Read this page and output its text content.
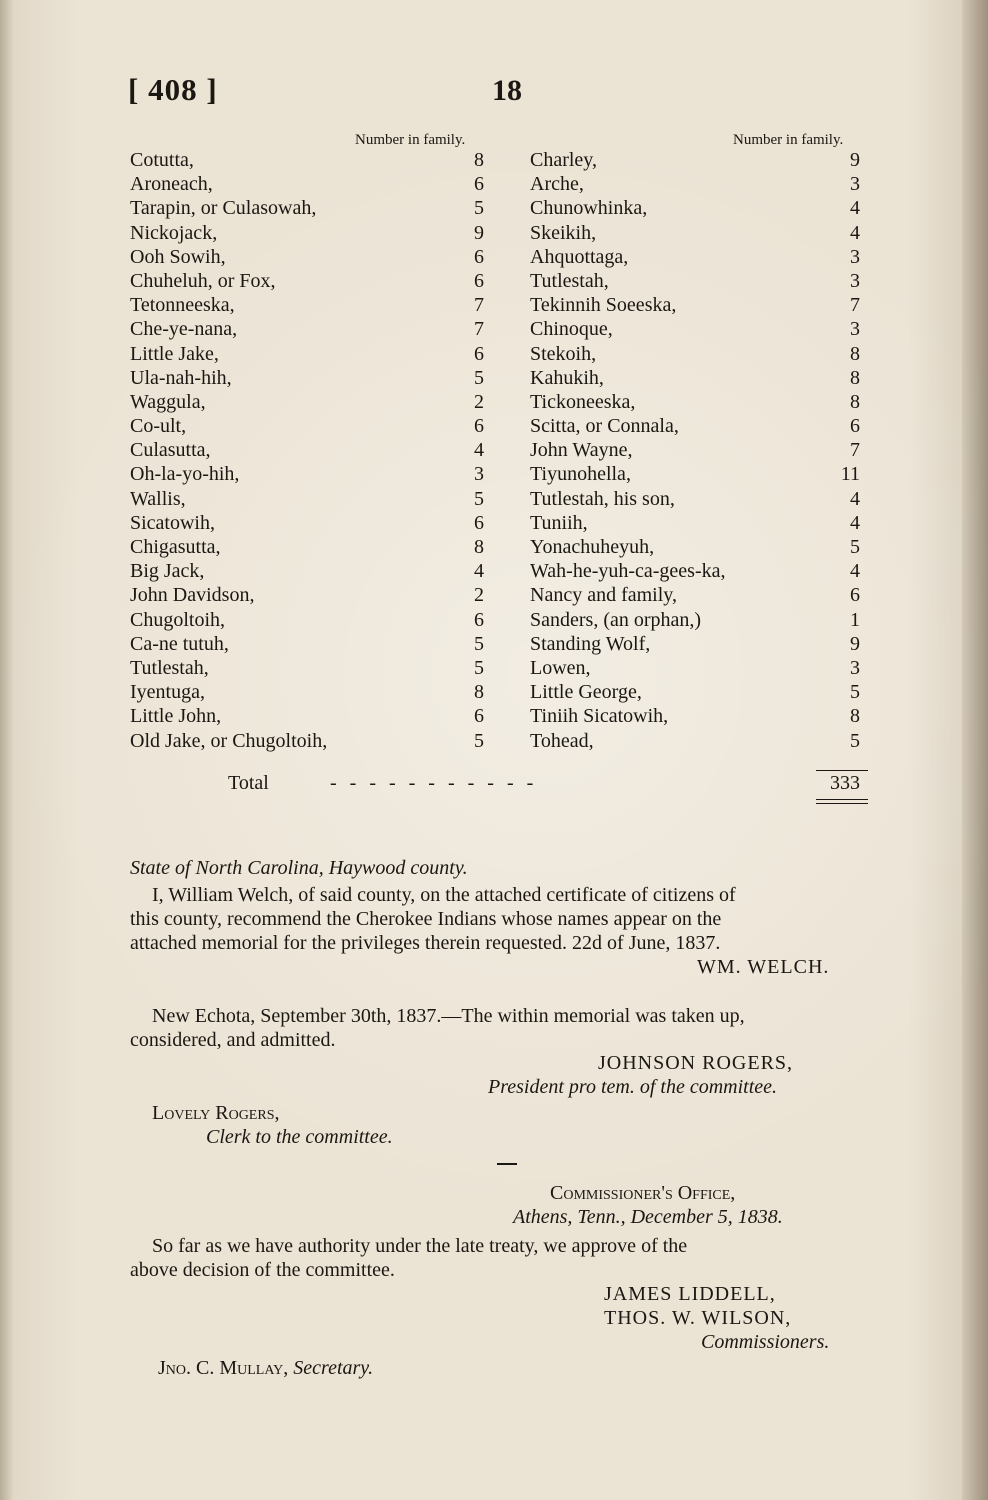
[ 408 ]	18
Number in family.	Number in family.
Cotutta,	8 Charley,	9
Aroneach,	6 Arche,	3
Tarapin, or Culasowah,	5 Chunowhinka,	4
Nickojack,	9 Skeikih,	4
Ooh Sowih,	6 Ahquottaga,	3
Chuheluh, or Fox,	6 Tutlestah,	3
Tetonneeska,	7 Tekinnih Soeeska,	7
Che-ye-nana,	7 Chinoque,	3
Little Jake,	6 Stekoih,	8
Ula-nah-hih,	5 Kahukih,	8
Waggula,	2 Tickoneeska,	8
Co-ult,	6 Scitta, or Connala,	6
Culasutta,	4 John Wayne,	7
Oh-la-yo-hih,	3 Tiyunohella,	11
Wallis,	5 Tutlestah, his son,	4
Sicatowih,	6 Tuniih,	4
Chigasutta,	8 Yonachuheyuh,	5
Big Jack,	4 Wah-he-yuh-ca-gees-ka,	4
John Davidson,	2 Nancy and family,	6
Chugoltoih,	6 Sanders, (an orphan,)	1
Ca-ne tutuh,	5 Standing Wolf,	9
Tutlestah,	5 Lowen,	3
Iyentuga,	8 Little George,	5
Little John,	6 Tiniih Sicatowih,	8
Old Jake, or Chugoltoih,	5 Tohead,	5
Total	- - - - - - - - - - -	333
State of North Carolina, Haywood county.
I, William Welch, of said county, on the attached certificate of citizens of
this county, recommend the Cherokee Indians whose names appear on the
attached memorial for the privileges therein requested. 22d of June, 1837.
WM. WELCH.
New Echota, September 30th, 1837.—The within memorial was taken up,
considered, and admitted.
JOHNSON ROGERS,
President pro tem. of the committee.
Lovely Rogers,
Clerk to the committee.
Commissioner's Office,
Athens, Tenn., December 5, 1838.
So far as we have authority under the late treaty, we approve of the
above decision of the committee.
JAMES LIDDELL,
THOS. W. WILSON,
Commissioners.
Jno. C. Mullay, Secretary.
